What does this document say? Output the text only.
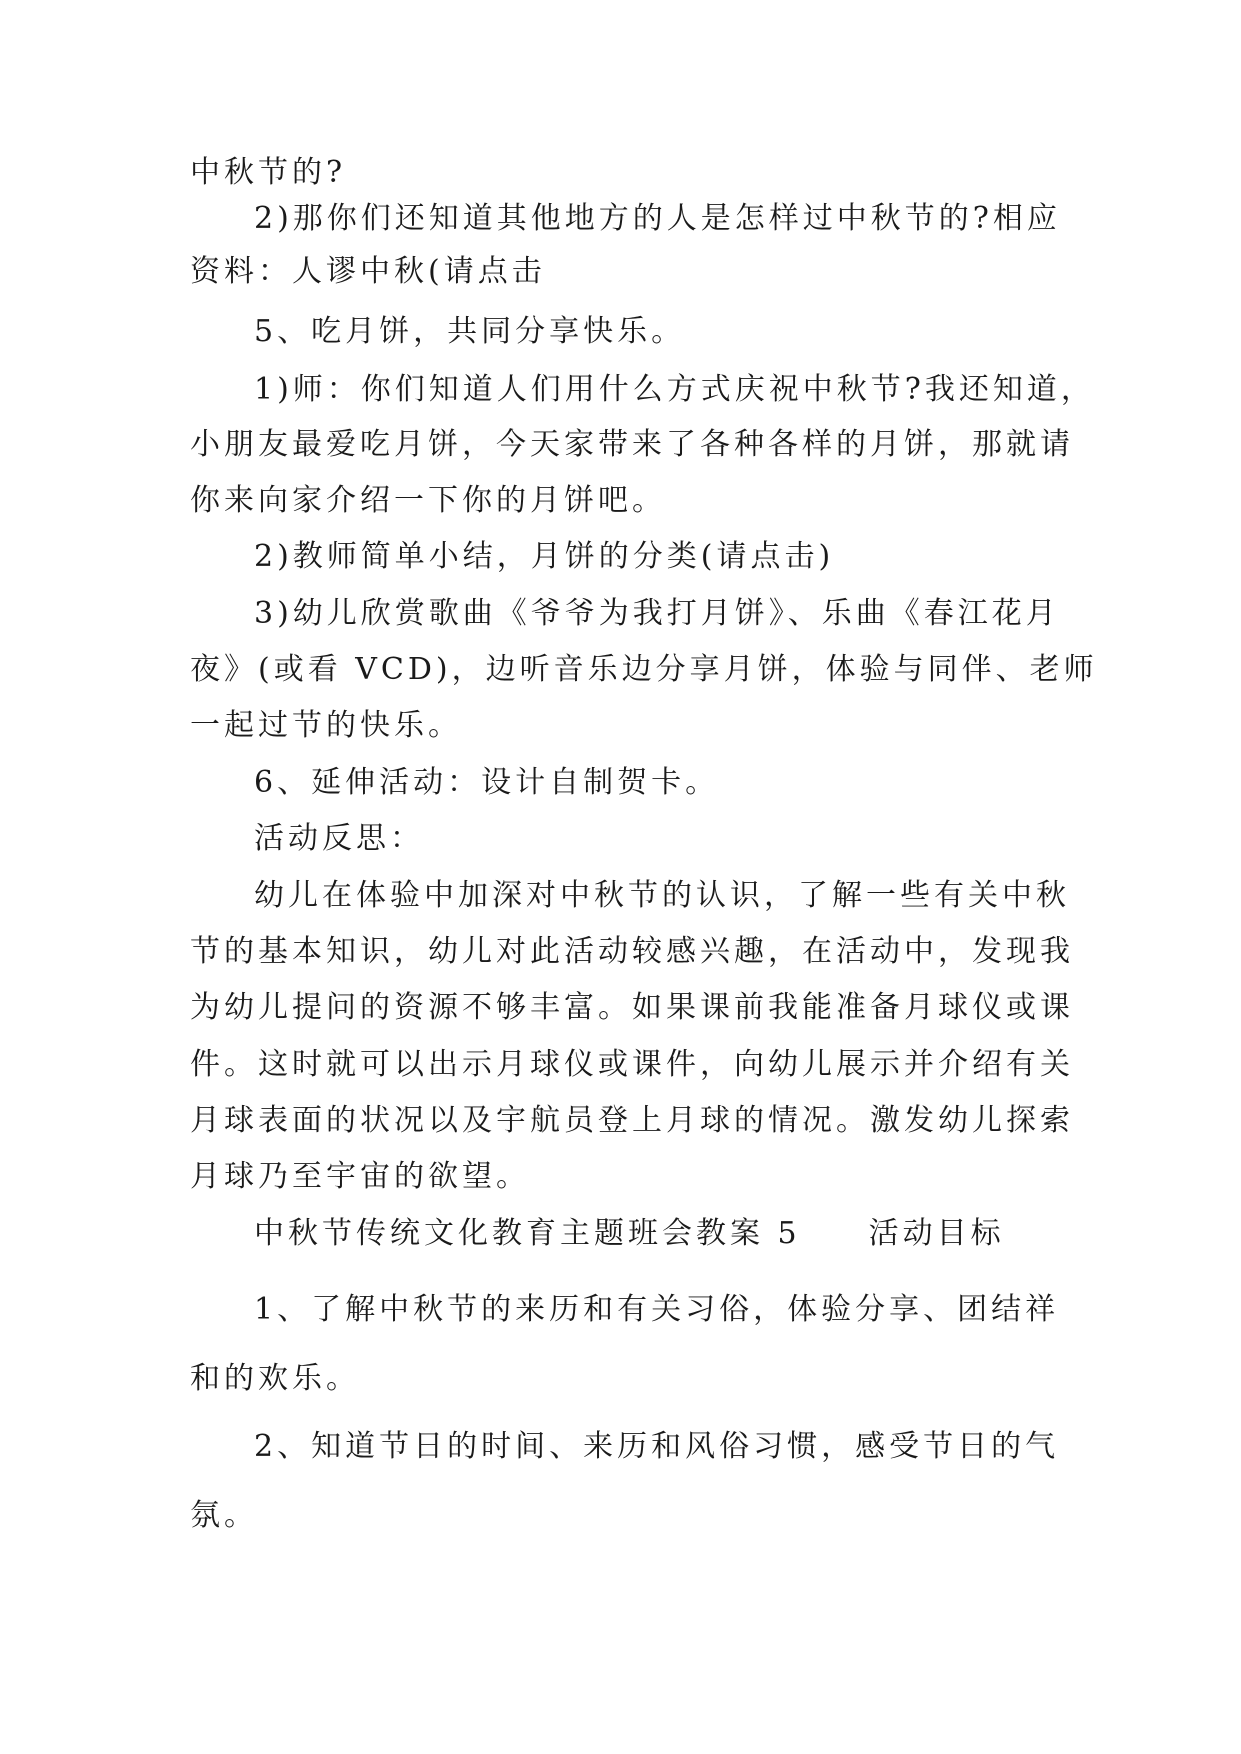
中秋节的?
2)那你们还知道其他地方的人是怎样过中秋节的?相应
资料：人谬中秋(请点击
5、吃月饼，共同分享快乐。
1)师：你们知道人们用什么方式庆祝中秋节?我还知道，
小朋友最爱吃月饼，今天家带来了各种各样的月饼，那就请
你来向家介绍一下你的月饼吧。
2)教师简单小结，月饼的分类(请点击)
3)幼儿欣赏歌曲《爷爷为我打月饼》、乐曲《春江花月
夜》(或看 VCD)，边听音乐边分享月饼，体验与同伴、老师
一起过节的快乐。
6、延伸活动：设计自制贺卡。
活动反思：
幼儿在体验中加深对中秋节的认识，了解一些有关中秋
节的基本知识，幼儿对此活动较感兴趣，在活动中，发现我
为幼儿提问的资源不够丰富。如果课前我能准备月球仪或课
件。这时就可以出示月球仪或课件，向幼儿展示并介绍有关
月球表面的状况以及宇航员登上月球的情况。激发幼儿探索
月球乃至宇宙的欲望。
中秋节传统文化教育主题班会教案 5　　活动目标
1、了解中秋节的来历和有关习俗，体验分享、团结祥
和的欢乐。
2、知道节日的时间、来历和风俗习惯，感受节日的气
氛。
